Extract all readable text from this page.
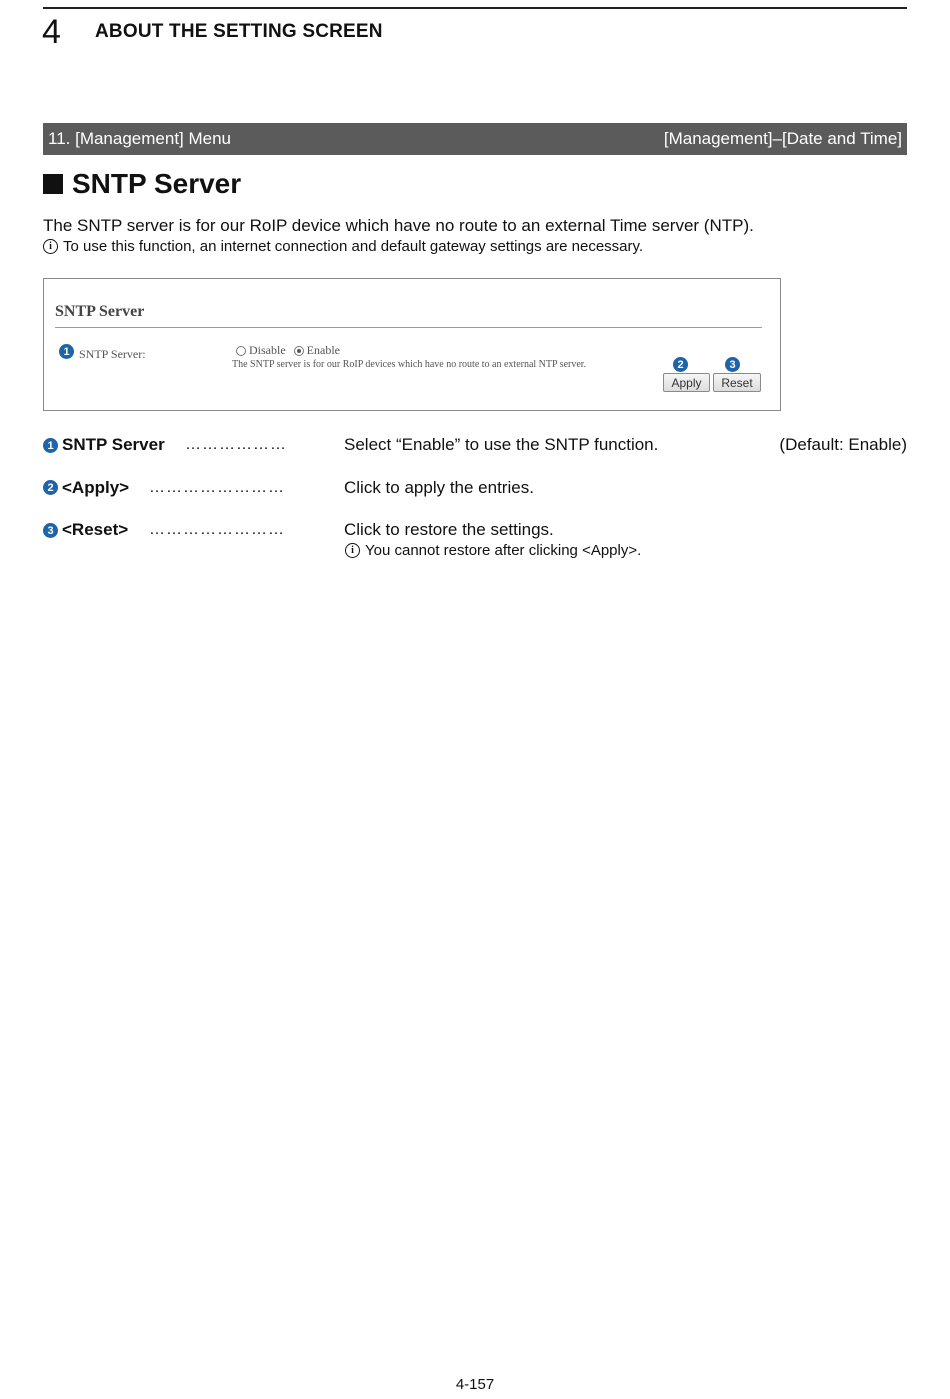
4 ABOUT THE SETTING SCREEN
11. [Management] Menu	[Management]–[Date and Time]
SNTP Server
The SNTP server is for our RoIP device which have no route to an external Time server (NTP).
i To use this function, an internet connection and default gateway settings are necessary.
SNTP Server
1 SNTP Server:	Disable Enable
The SNTP server is for our RoIP devices which have no route to an external NTP server.	2	3
Apply	Reset
1 SNTP Server ………………	Select “Enable” to use the SNTP function.	(Default: Enable)
2 <Apply> ……………………	Click to apply the entries.
3 <Reset> ……………………	Click to restore the settings.
i You cannot restore after clicking <Apply>.
4-157
